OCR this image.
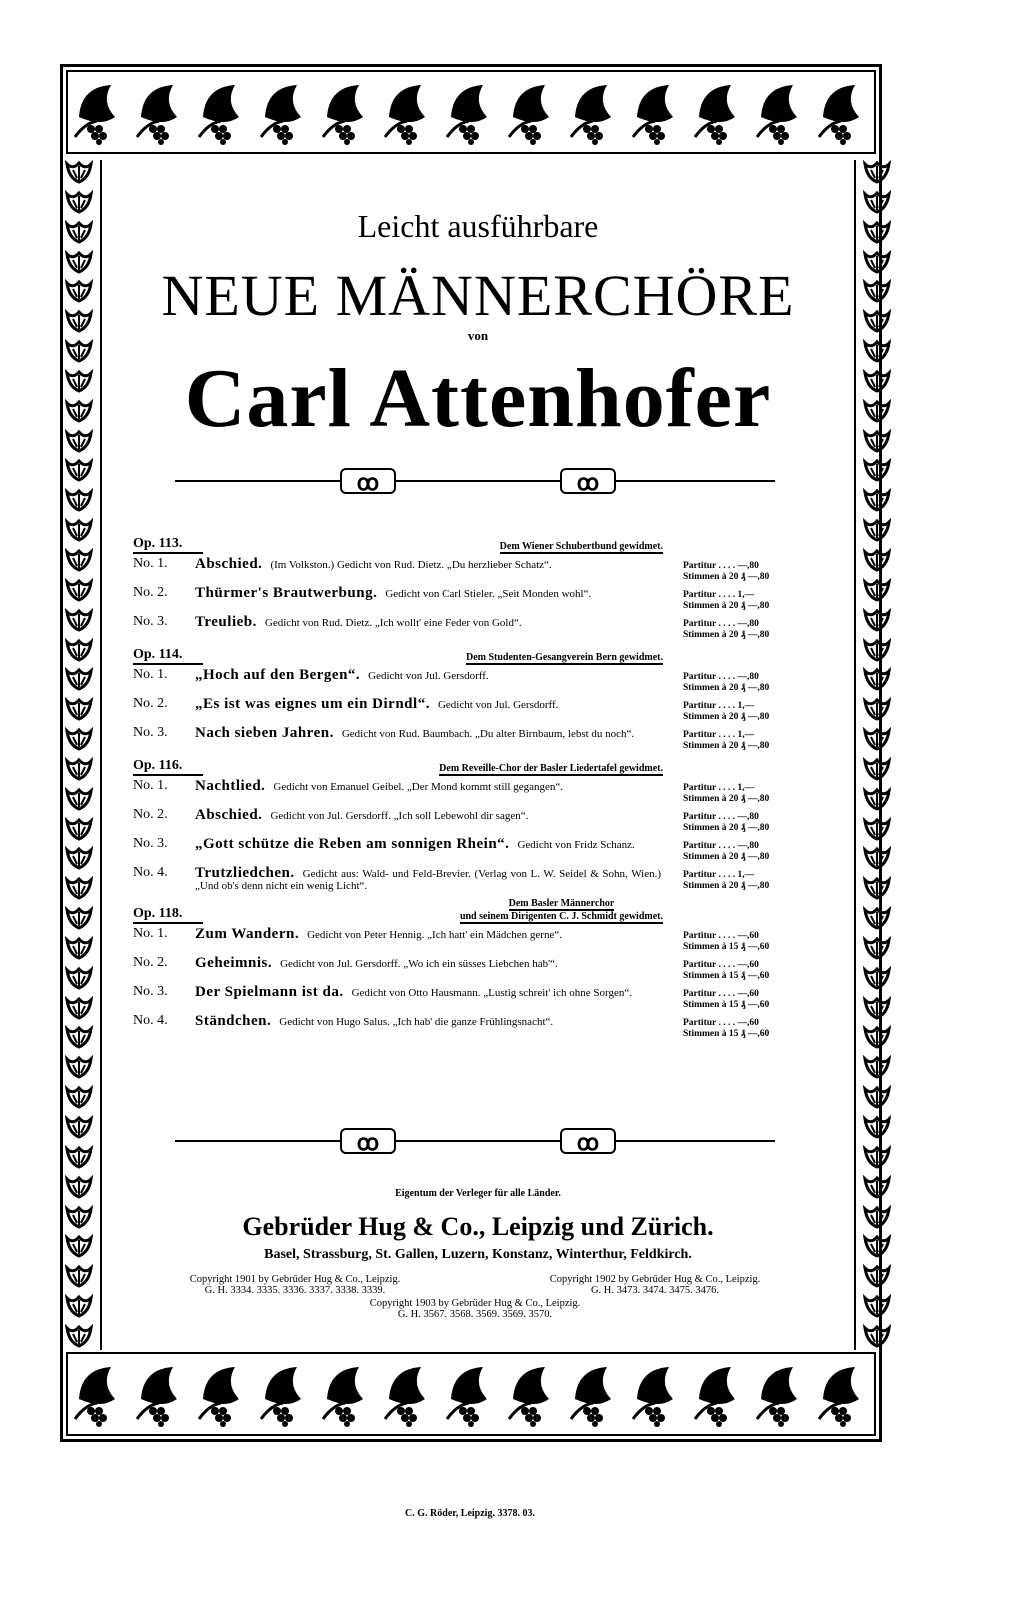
Leicht ausführbare
NEUE MÄNNERCHÖRE
von
Carl Attenhofer
ꝏ	ꝏ
Op. 113.	Dem Wiener Schubertbund gewidmet.
No. 1.	Abschied. (Im Volkston.) Gedicht von Rud. Dietz. „Du herzlieber Schatz“.	Partitur . . . . —,80
Stimmen à 20 ₰ —,80
No. 2.	Thürmer's Brautwerbung. Gedicht von Carl Stieler. „Seit Monden wohl“.	Partitur . . . . 1,—
Stimmen à 20 ₰ —,80
No. 3.	Treulieb. Gedicht von Rud. Dietz. „Ich wollt' eine Feder von Gold“.	Partitur . . . . —,80
Stimmen à 20 ₰ —,80
Op. 114.	Dem Studenten-Gesangverein Bern gewidmet.
No. 1.	„Hoch auf den Bergen“. Gedicht von Jul. Gersdorff.	Partitur . . . . —,80
Stimmen à 20 ₰ —,80
No. 2.	„Es ist was eignes um ein Dirndl“. Gedicht von Jul. Gersdorff.	Partitur . . . . 1,—
Stimmen à 20 ₰ —,80
No. 3.	Nach sieben Jahren. Gedicht von Rud. Baumbach. „Du alter Birnbaum, lebst du noch“.	Partitur . . . . 1,—
Stimmen à 20 ₰ —,80
Op. 116.	Dem Reveille-Chor der Basler Liedertafel gewidmet.
No. 1.	Nachtlied. Gedicht von Emanuel Geibel. „Der Mond kommt still gegangen“.	Partitur . . . . 1,—
Stimmen à 20 ₰ —,80
No. 2.	Abschied. Gedicht von Jul. Gersdorff. „Ich soll Lebewohl dir sagen“.	Partitur . . . . —,80
Stimmen à 20 ₰ —,80
No. 3.	„Gott schütze die Reben am sonnigen Rhein“. Gedicht von Fridz Schanz.	Partitur . . . . —,80
Stimmen à 20 ₰ —,80
No. 4.	Trutzliedchen. Gedicht aus: Wald- und Feld-Brevier. (Verlag von L. W. Seidel & Sohn, Wien.) „Und ob's denn nicht ein wenig Licht“.
Partitur . . . . 1,—
Stimmen à 20 ₰ —,80
Op. 118.
Dem Basler Männerchor
und seinem Dirigenten C. J. Schmidt gewidmet.
No. 1.	Zum Wandern. Gedicht von Peter Hennig. „Ich hatt' ein Mädchen gerne“.	Partitur . . . . —,60
Stimmen à 15 ₰ —,60
No. 2.	Geheimnis. Gedicht von Jul. Gersdorff. „Wo ich ein süsses Liebchen hab'“.	Partitur . . . . —,60
Stimmen à 15 ₰ —,60
No. 3.	Der Spielmann ist da. Gedicht von Otto Hausmann. „Lustig schreit' ich ohne Sorgen“.	Partitur . . . . —,60
Stimmen à 15 ₰ —,60
No. 4.	Ständchen. Gedicht von Hugo Salus. „Ich hab' die ganze Frühlingsnacht“.	Partitur . . . . —,60
Stimmen à 15 ₰ —,60
ꝏ	ꝏ
Eigentum der Verleger für alle Länder.
Gebrüder Hug & Co., Leipzig und Zürich.
Basel, Strassburg, St. Gallen, Luzern, Konstanz, Winterthur, Feldkirch.
Copyright 1901 by Gebrüder Hug & Co., Leipzig.
G. H. 3334. 3335. 3336. 3337. 3338. 3339.
Copyright 1902 by Gebrüder Hug & Co., Leipzig.
G. H. 3473. 3474. 3475. 3476.
Copyright 1903 by Gebrüder Hug & Co., Leipzig.
G. H. 3567. 3568. 3569. 3569. 3570.
C. G. Röder, Leipzig. 3378. 03.
